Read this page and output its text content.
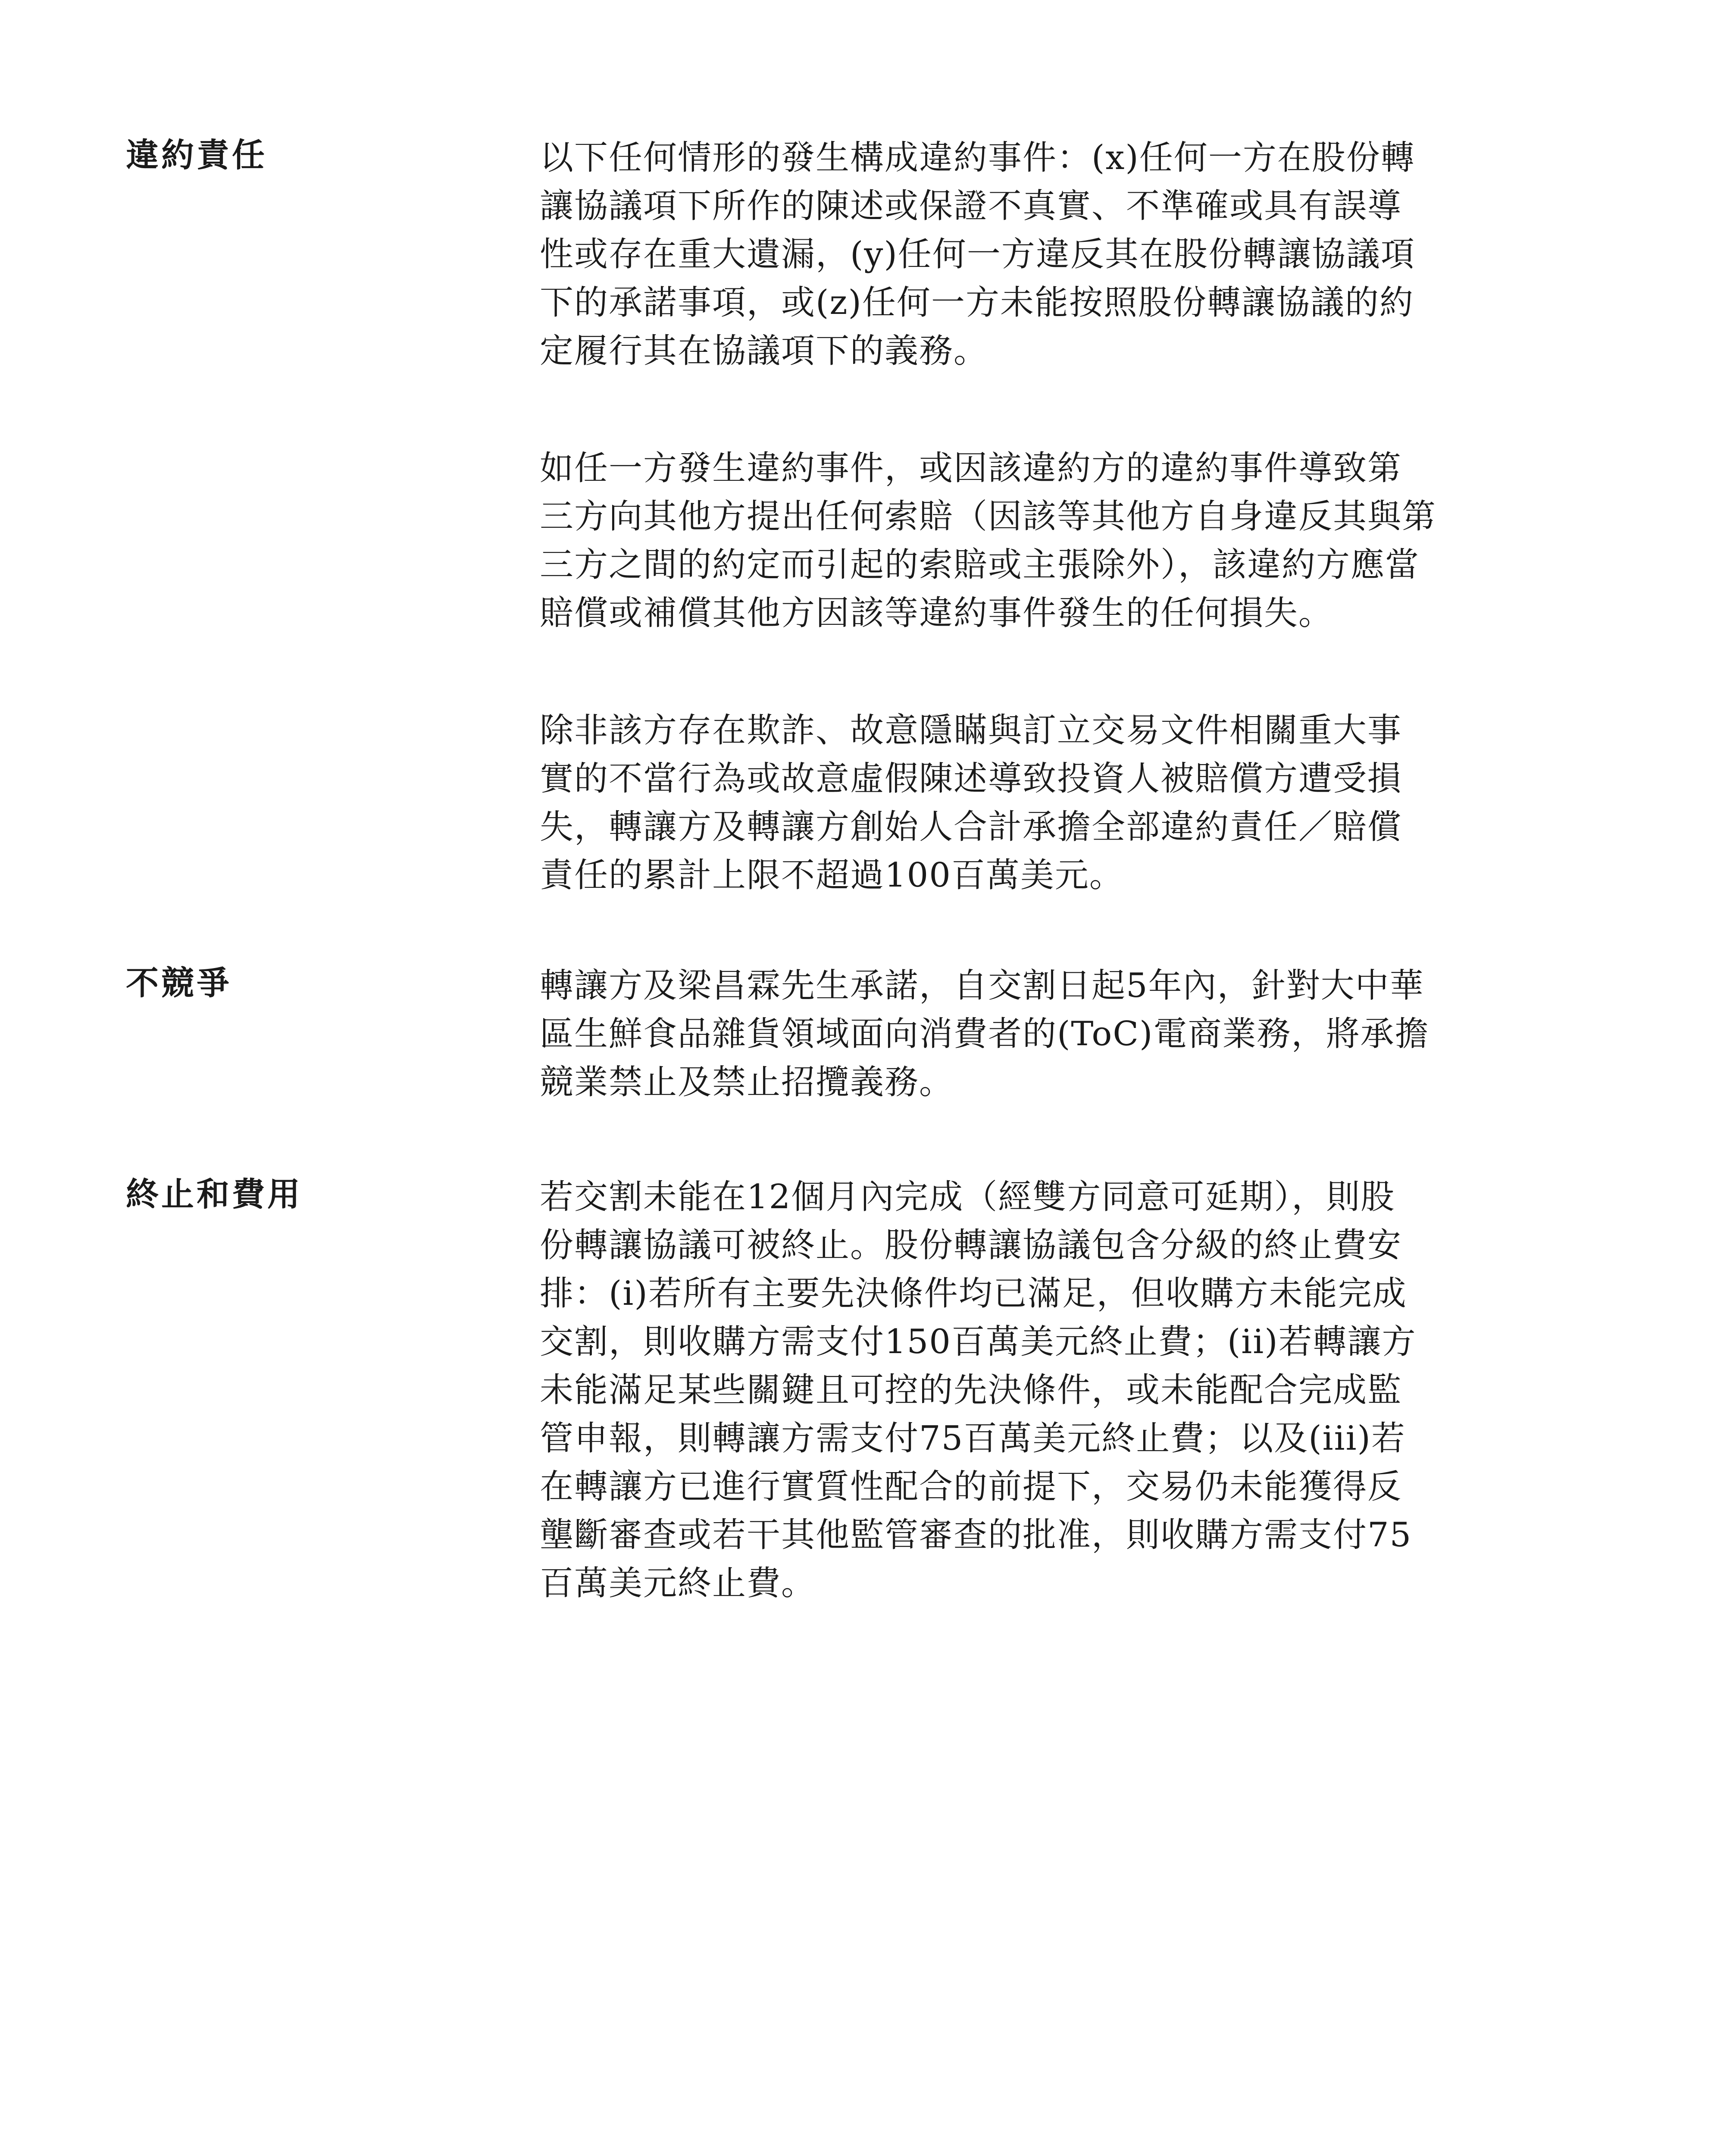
違約責任	以下任何情形的發生構成違約事件：(x)任何一方在股份轉
讓協議項下所作的陳述或保證不真實、不準確或具有誤導
性或存在重大遺漏，(y)任何一方違反其在股份轉讓協議項
下的承諾事項，或(z)任何一方未能按照股份轉讓協議的約
定履行其在協議項下的義務。

如任一方發生違約事件，或因該違約方的違約事件導致第
三方向其他方提出任何索賠（因該等其他方自身違反其與第
三方之間的約定而引起的索賠或主張除外），該違約方應當
賠償或補償其他方因該等違約事件發生的任何損失。

除非該方存在欺詐、故意隱瞞與訂立交易文件相關重大事
實的不當行為或故意虛假陳述導致投資人被賠償方遭受損
失，轉讓方及轉讓方創始人合計承擔全部違約責任／賠償
責任的累計上限不超過100百萬美元。

不競爭	轉讓方及梁昌霖先生承諾，自交割日起5年內，針對大中華
區生鮮食品雜貨領域面向消費者的(ToC)電商業務，將承擔
競業禁止及禁止招攬義務。

終止和費用	若交割未能在12個月內完成（經雙方同意可延期），則股
份轉讓協議可被終止。股份轉讓協議包含分級的終止費安
排：(i)若所有主要先決條件均已滿足，但收購方未能完成
交割，則收購方需支付150百萬美元終止費；(ii)若轉讓方
未能滿足某些關鍵且可控的先決條件，或未能配合完成監
管申報，則轉讓方需支付75百萬美元終止費；以及(iii)若
在轉讓方已進行實質性配合的前提下，交易仍未能獲得反
壟斷審查或若干其他監管審查的批准，則收購方需支付75
百萬美元終止費。
